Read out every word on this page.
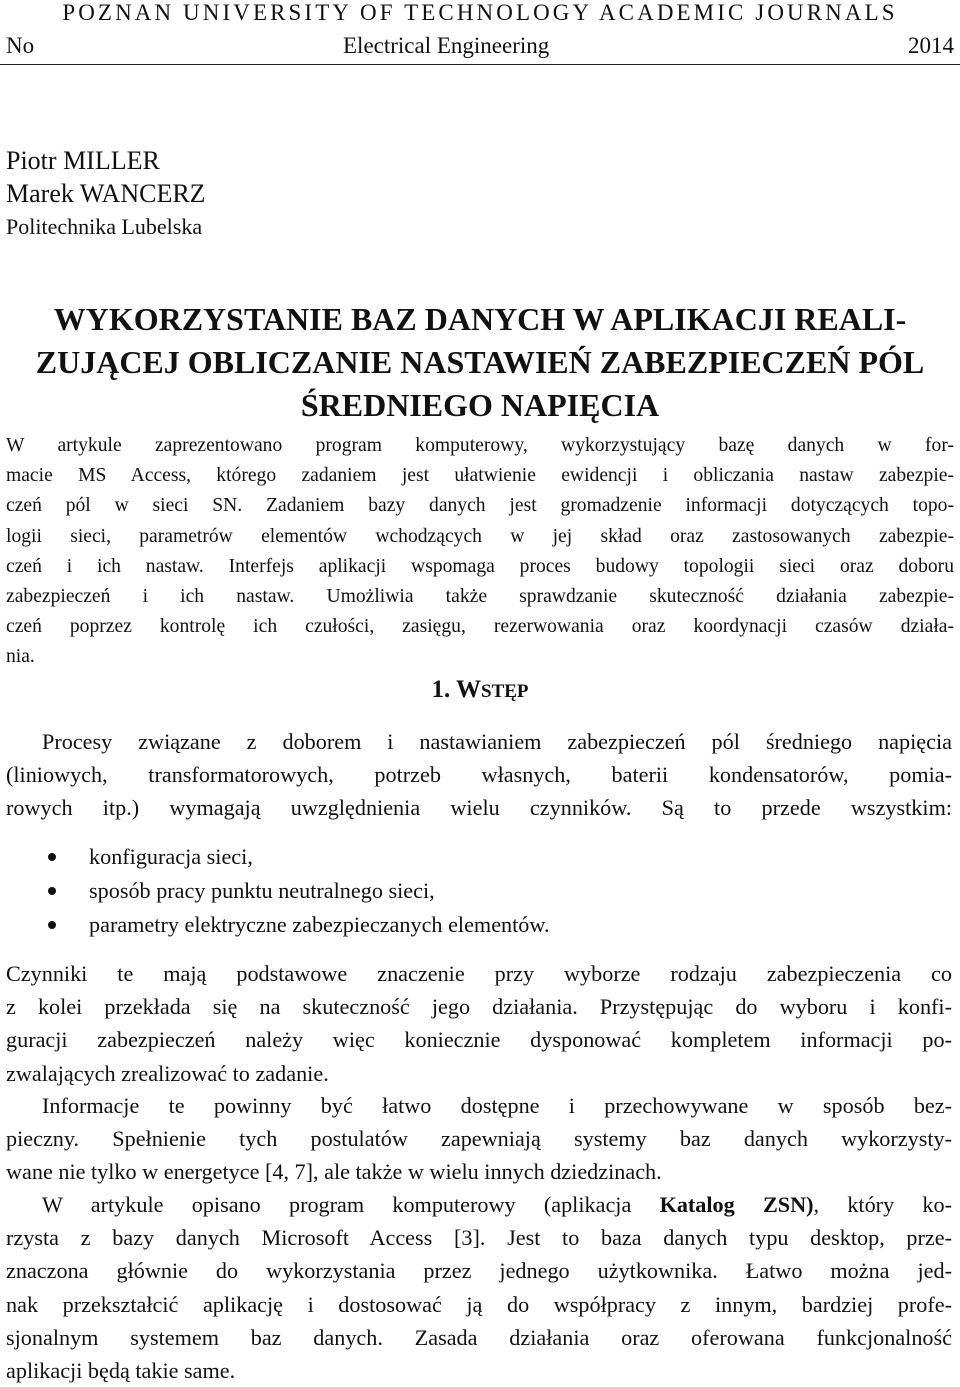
POZNAN UNIVERSITY OF TECHNOLOGY ACADEMIC JOURNALS
No	Electrical Engineering	2014
Piotr MILLER
Marek WANCERZ
Politechnika Lubelska
WYKORZYSTANIE BAZ DANYCH W APLIKACJI REALI-
ZUJĄCEJ OBLICZANIE NASTAWIEŃ ZABEZPIECZEŃ PÓL
ŚREDNIEGO NAPIĘCIA
W artykule zaprezentowano program komputerowy, wykorzystujący bazę danych w for-
macie MS Access, którego zadaniem jest ułatwienie ewidencji i obliczania nastaw zabezpie-
czeń pól w sieci SN. Zadaniem bazy danych jest gromadzenie informacji dotyczących topo-
logii sieci, parametrów elementów wchodzących w jej skład oraz zastosowanych zabezpie-
czeń i ich nastaw. Interfejs aplikacji wspomaga proces budowy topologii sieci oraz doboru
zabezpieczeń i ich nastaw. Umożliwia także sprawdzanie skuteczność działania zabezpie-
czeń poprzez kontrolę ich czułości, zasięgu, rezerwowania oraz koordynacji czasów działa-
nia.
1. WSTĘP
Procesy związane z doborem i nastawianiem zabezpieczeń pól średniego napięcia
(liniowych, transformatorowych, potrzeb własnych, baterii kondensatorów, pomia-
rowych itp.) wymagają uwzględnienia wielu czynników. Są to przede wszystkim:
konfiguracja sieci,
sposób pracy punktu neutralnego sieci,
parametry elektryczne zabezpieczanych elementów.
Czynniki te mają podstawowe znaczenie przy wyborze rodzaju zabezpieczenia co
z kolei przekłada się na skuteczność jego działania. Przystępując do wyboru i konfi-
guracji zabezpieczeń należy więc koniecznie dysponować kompletem informacji po-
zwalających zrealizować to zadanie.
Informacje te powinny być łatwo dostępne i przechowywane w sposób bez-
pieczny. Spełnienie tych postulatów zapewniają systemy baz danych wykorzysty-
wane nie tylko w energetyce [4, 7], ale także w wielu innych dziedzinach.
W artykule opisano program komputerowy (aplikacja Katalog ZSN), który ko-
rzysta z bazy danych Microsoft Access [3]. Jest to baza danych typu desktop, prze-
znaczona głównie do wykorzystania przez jednego użytkownika. Łatwo można jed-
nak przekształcić aplikację i dostosować ją do współpracy z innym, bardziej profe-
sjonalnym systemem baz danych. Zasada działania oraz oferowana funkcjonalność
aplikacji będą takie same.
